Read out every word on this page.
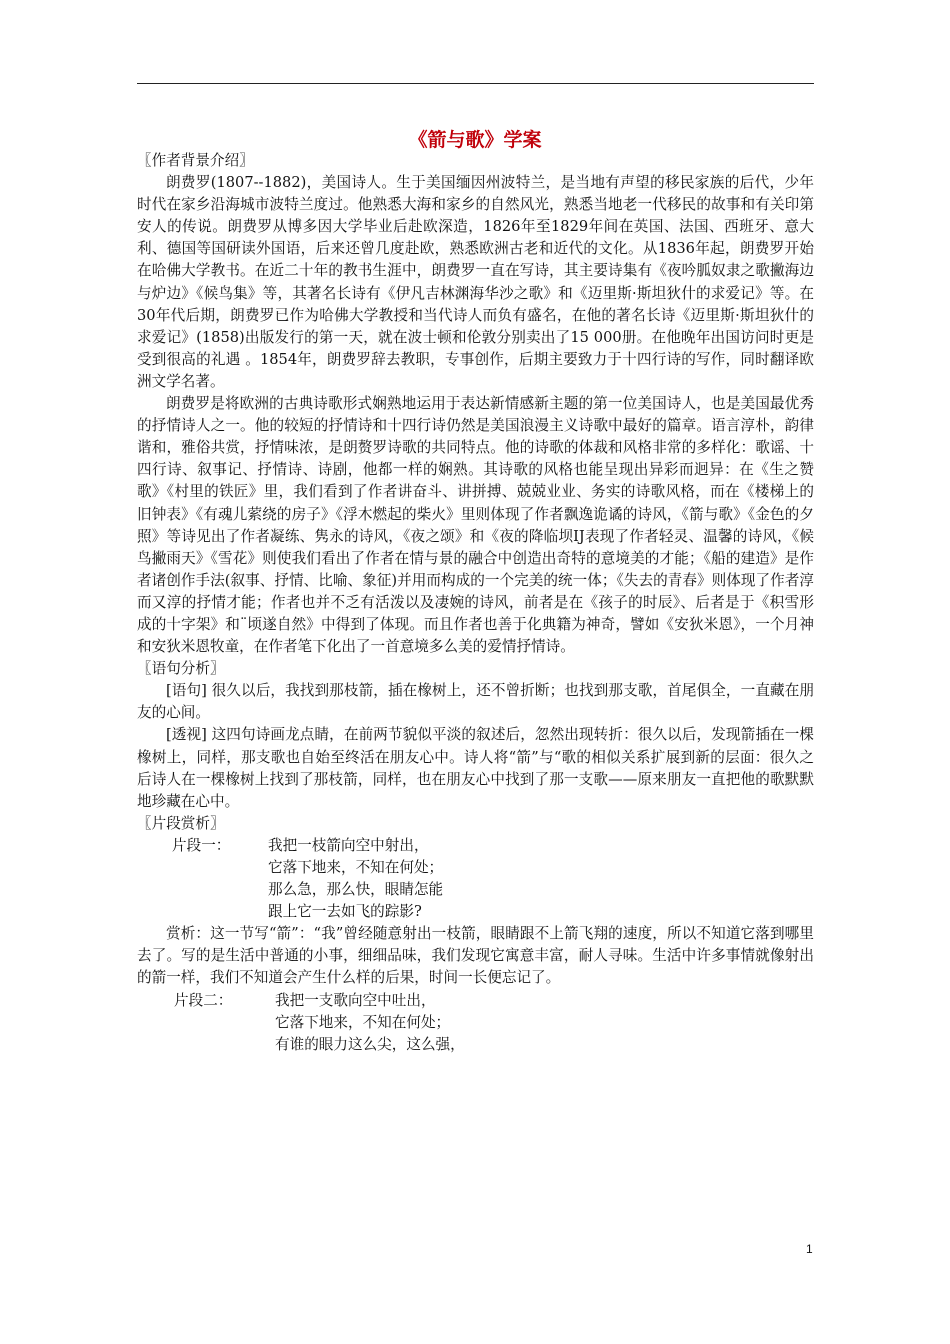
《箭与歌》学案

〖作者背景介绍〗

朗费罗(1807--1882)，美国诗人。生于美国缅因州波特兰，是当地有声望的移民家族的后代，少年时代在家乡沿海城市波特兰度过。他熟悉大海和家乡的自然风光，熟悉当地老一代移民的故事和有关印第安人的传说。朗费罗从博多因大学毕业后赴欧深造，1826年至1829年间在英国、法国、西班牙、意大利、德国等国研读外国语，后来还曾几度赴欧，熟悉欧洲古老和近代的文化。从1836年起，朗费罗开始在哈佛大学教书。在近二十年的教书生涯中，朗费罗一直在写诗，其主要诗集有《夜吟胍奴隶之歌撇海边与炉边》《候鸟集》等，其著名长诗有《伊凡吉林渊海华沙之歌》和《迈里斯·斯坦狄什的求爱记》等。在30年代后期，朗费罗已作为哈佛大学教授和当代诗人而负有盛名，在他的著名长诗《迈里斯·斯坦狄什的求爱记》(1858)出版发行的第一天，就在波士顿和伦敦分别卖出了15 000册。在他晚年出国访问时更是受到很高的礼遇 。1854年，朗费罗辞去教职，专事创作，后期主要致力于十四行诗的写作，同时翻译欧洲文学名著。

朗费罗是将欧洲的古典诗歌形式娴熟地运用于表达新情感新主题的第一位美国诗人，也是美国最优秀的抒情诗人之一。他的较短的抒情诗和十四行诗仍然是美国浪漫主义诗歌中最好的篇章。语言淳朴，韵律谐和，雅俗共赏，抒情味浓，是朗赘罗诗歌的共同特点。他的诗歌的体裁和风格非常的多样化：歌谣、十四行诗、叙事记、抒情诗、诗剧，他都一样的娴熟。其诗歌的风格也能呈现出异彩而迥异：在《生之赞歌》《村里的铁匠》里，我们看到了作者讲奋斗、讲拼搏、兢兢业业、务实的诗歌风格，而在《楼梯上的旧钟表》《有魂儿萦绕的房子》《浮木燃起的柴火》里则体现了作者飘逸诡谲的诗风，《箭与歌》《金色的夕照》等诗见出了作者凝练、隽永的诗风，《夜之颂》和《夜的降临坝IJ表现了作者轻灵、温馨的诗风，《候鸟撇雨天》《雪花》则使我们看出了作者在情与景的融合中创造出奇特的意境美的才能；《船的建造》是作者诸创作手法(叙事、抒情、比喻、象征)并用而构成的一个完美的统一体；《失去的青春》则体现了作者淳而又淳的抒情才能；作者也并不乏有活泼以及凄婉的诗风，前者是在《孩子的时辰》、后者是于《积雪形成的十字架》和¨顷遂自然》中得到了体现。而且作者也善于化典籍为神奇，譬如《安狄米恩》，一个月神和安狄米恩牧童，在作者笔下化出了一首意境多么美的爱情抒情诗。

〖语句分析〗

[语句] 很久以后，我找到那枝箭，插在橡树上，还不曾折断；也找到那支歌，首尾俱全，一直藏在朋友的心间。

[透视] 这四句诗画龙点睛，在前两节貌似平淡的叙述后，忽然出现转折：很久以后，发现箭插在一棵橡树上，同样，那支歌也自始至终活在朋友心中。诗人将“箭”与“歌的相似关系扩展到新的层面：很久之后诗人在一棵橡树上找到了那枝箭，同样，也在朋友心中找到了那一支歌——原来朋友一直把他的歌默默地珍藏在心中。

〖片段赏析〗

片段一：	我把一枝箭向空中射出，
它落下地来，不知在何处；
那么急，那么快，眼睛怎能
跟上它一去如飞的踪影?

赏析：这一节写“箭”：“我”曾经随意射出一枝箭，眼睛跟不上箭飞翔的速度，所以不知道它落到哪里去了。写的是生活中普通的小事，细细品味，我们发现它寓意丰富，耐人寻味。生活中许多事情就像射出的箭一样，我们不知道会产生什么样的后果，时间一长便忘记了。

片段二：	我把一支歌向空中吐出，
它落下地来，不知在何处；
有谁的眼力这么尖，这么强，
1
